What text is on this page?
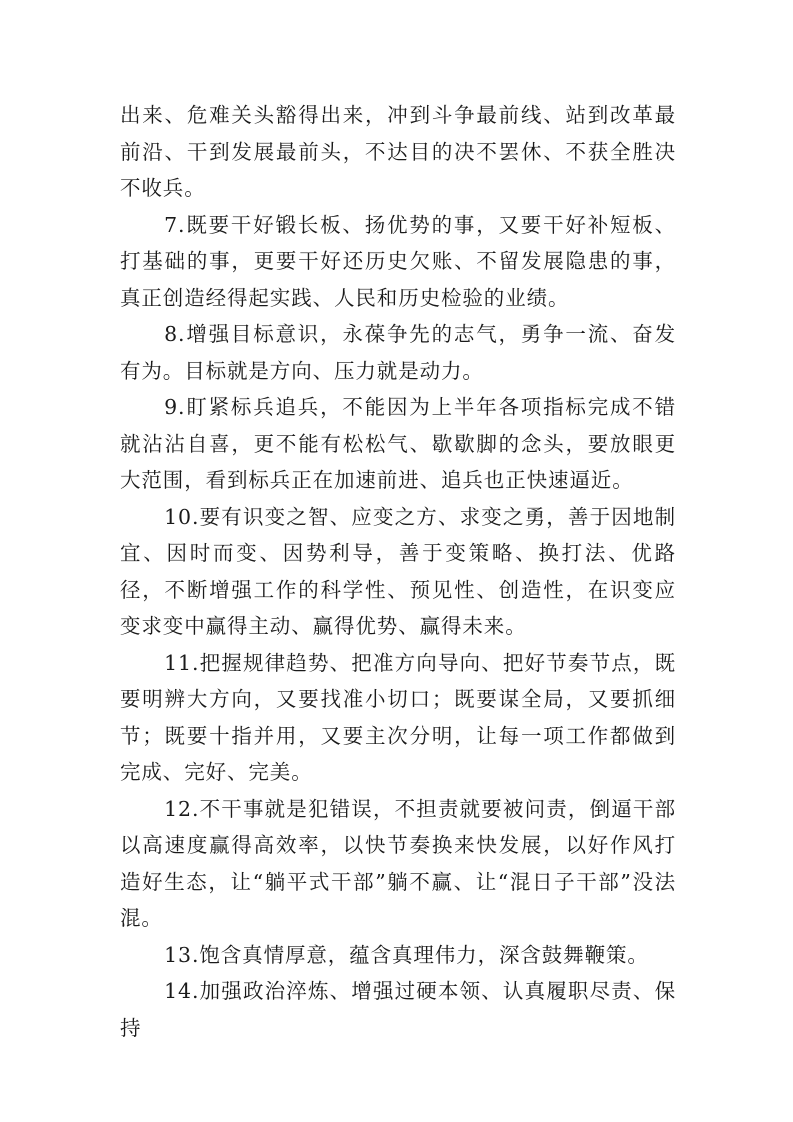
出来、危难关头豁得出来，冲到斗争最前线、站到改革最前沿、干到发展最前头，不达目的决不罢休、不获全胜决不收兵。

7.既要干好锻长板、扬优势的事，又要干好补短板、打基础的事，更要干好还历史欠账、不留发展隐患的事，真正创造经得起实践、人民和历史检验的业绩。

8.增强目标意识，永葆争先的志气，勇争一流、奋发有为。目标就是方向、压力就是动力。

9.盯紧标兵追兵，不能因为上半年各项指标完成不错就沾沾自喜，更不能有松松气、歇歇脚的念头，要放眼更大范围，看到标兵正在加速前进、追兵也正快速逼近。

10.要有识变之智、应变之方、求变之勇，善于因地制宜、因时而变、因势利导，善于变策略、换打法、优路径，不断增强工作的科学性、预见性、创造性，在识变应变求变中赢得主动、赢得优势、赢得未来。

11.把握规律趋势、把准方向导向、把好节奏节点，既要明辨大方向，又要找准小切口；既要谋全局，又要抓细节；既要十指并用，又要主次分明，让每一项工作都做到完成、完好、完美。

12.不干事就是犯错误，不担责就要被问责，倒逼干部以高速度赢得高效率，以快节奏换来快发展，以好作风打造好生态，让“躺平式干部”躺不赢、让“混日子干部”没法混。

13.饱含真情厚意，蕴含真理伟力，深含鼓舞鞭策。

14.加强政治淬炼、增强过硬本领、认真履职尽责、保持
